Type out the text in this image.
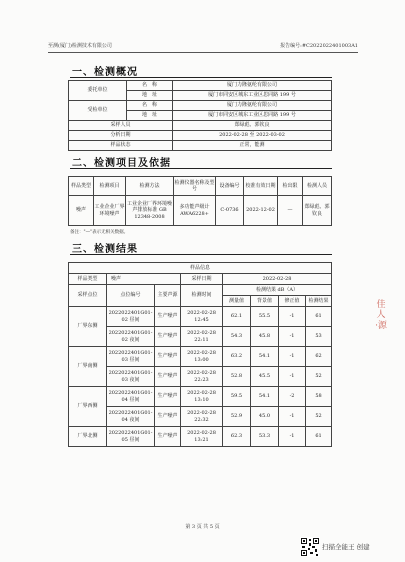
至测(厦门)检测技术有限公司	报告编号:#C2022022401003A1
一、检测概况
委托单位	名　称	厦门力隆氨纶有限公司
	地　址	厦门市同安区城东工业区思同路 199 号
受检单位	名　称	厦门力隆氨纶有限公司
	地　址	厦门市同安区城东工业区思同路 199 号
采样人员		郑绿彪、郭钦良
分析日期		2022-02-28 至 2022-03-02
样品状态		正常，能测
二、检测项目及依据
样品类型	检测项目	检测方法	检测仪器名称及型号	设备编号	校准有效日期	检出限	检测人员
噪声	工业企业厂界环境噪声	工业企业厂界环境噪声排放标准 GB 12348-2008	多功能声级计 AWA6228+	C-0736	2022-12-02	—	郑绿彪、郭钦良
备注："—"表示无相关数据。
三、检测结果
样品信息							
样品类型	噪声		采样日期	2022-02-28			
采样点位	点位编号	主要声源	检测时间	检测结果 dB（A）			
				测量值	背景值	修正值	检测结果
厂界东侧	2022022401G01-02 昼间	生产噪声	2022-02-28 12:45	62.1	55.5	-1	61
	2022022401G01-02 夜间	生产噪声	2022-02-28 22:11	54.3	45.8	-1	53
厂界南侧	2022022401G01-03 昼间	生产噪声	2022-02-28 13:00	63.2	54.1	-1	62
	2022022401G01-03 夜间	生产噪声	2022-02-28 22:23	52.8	45.5	-1	52
厂界西侧	2022022401G01-04 昼间	生产噪声	2022-02-28 13:10	59.5	54.1	-2	58
	2022022401G01-04 夜间	生产噪声	2022-02-28 22:32	52.9	45.0	-1	52
厂界北侧	2022022401G01-05 昼间	生产噪声	2022-02-28 13:21	62.3	53.3	-1	61
第 3 页 共 5 页
佳 人 ·源
扫描全能王 创建
